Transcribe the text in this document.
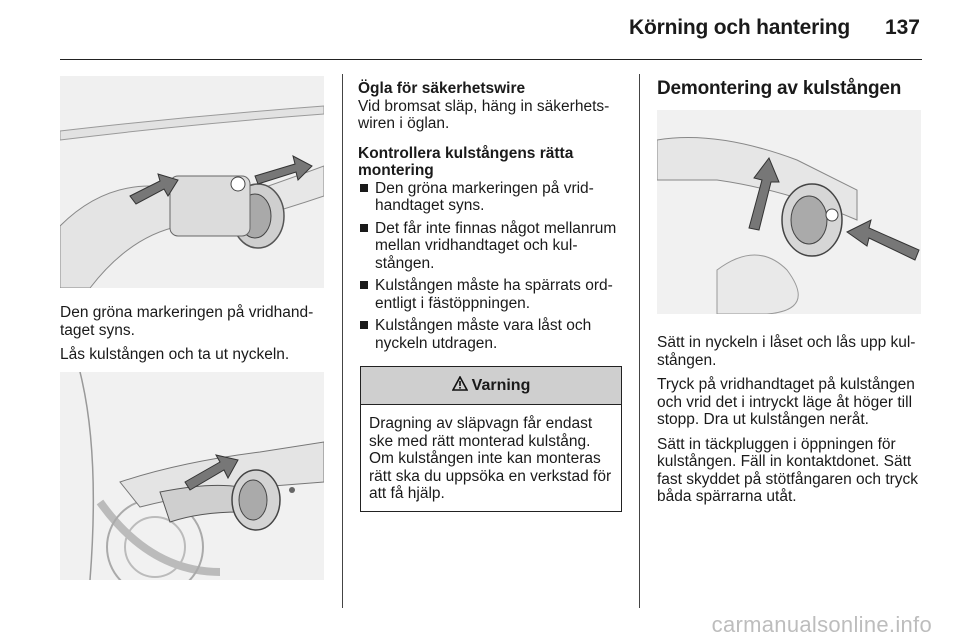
Körning och hantering 137

Den gröna markeringen på vridhand-taget syns.

Lås kulstången och ta ut nyckeln.

Ögla för säkerhetswire

Vid bromsat släp, häng in säkerhets-wiren i öglan.

Kontrollera kulstångens rätta montering

Den gröna markeringen på vrid-handtaget syns.
Det får inte finnas något mellanrum mellan vridhandtaget och kul-stången.
Kulstången måste ha spärrats ord-entligt i fästöppningen.
Kulstången måste vara låst och nyckeln utdragen.
Varning
Dragning av släpvagn får endast ske med rätt monterad kulstång. Om kulstången inte kan monteras rätt ska du uppsöka en verkstad för att få hjälp.
Demontering av kulstången

Sätt in nyckeln i låset och lås upp kul-stången.

Tryck på vridhandtaget på kulstången och vrid det i intryckt läge åt höger till stopp. Dra ut kulstången neråt.

Sätt in täckpluggen i öppningen för kulstången. Fäll in kontaktdonet. Sätt fast skyddet på stötfångaren och tryck båda spärrarna utåt.

carmanualsonline.info
